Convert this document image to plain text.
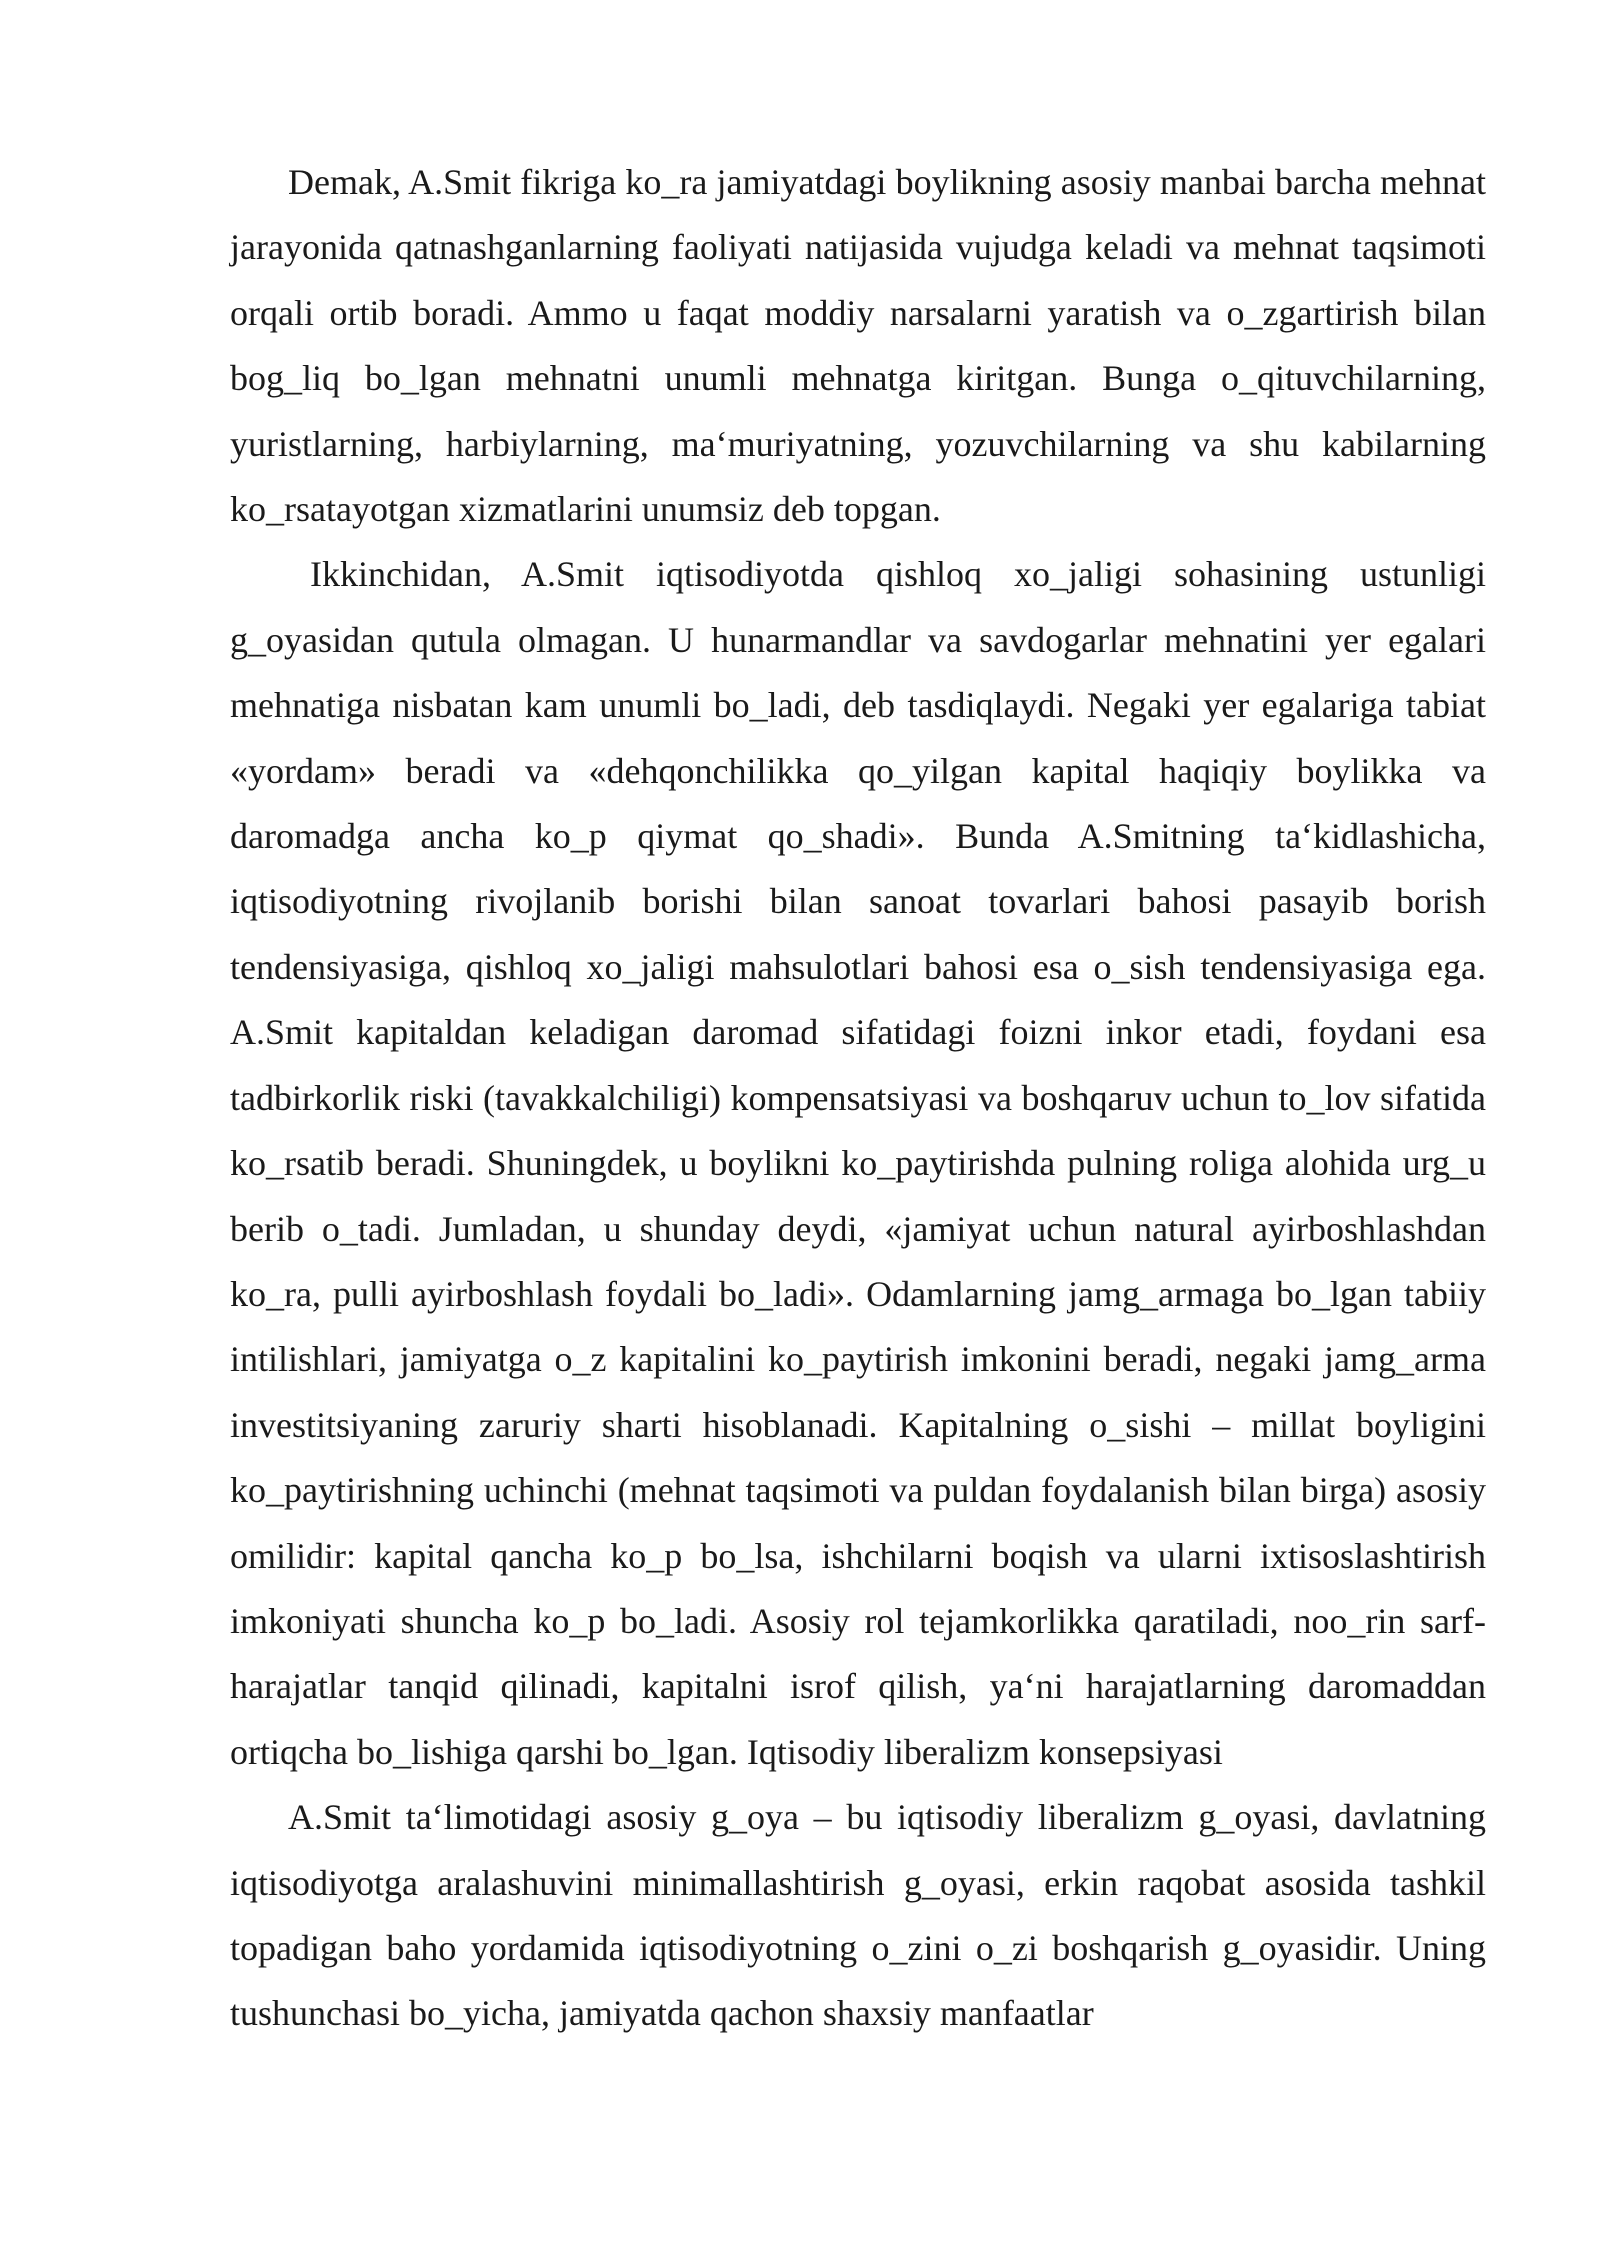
Demak, A.Smit fikriga ko_ra jamiyatdagi boylikning asosiy manbai barcha mehnat jarayonida qatnashganlarning faoliyati natijasida vujudga keladi va mehnat taqsimoti orqali ortib boradi. Ammo u faqat moddiy narsalarni yaratish va o_zgartirish bilan bog_liq bo_lgan mehnatni unumli mehnatga kiritgan. Bunga o_qituvchilarning, yuristlarning, harbiylarning, ma‘muriyatning, yozuvchilarning va shu kabilarning ko_rsatayotgan xizmatlarini unumsiz deb topgan.

Ikkinchidan, A.Smit iqtisodiyotda qishloq xo_jaligi sohasining ustunligi g_oyasidan qutula olmagan. U hunarmandlar va savdogarlar mehnatini yer egalari mehnatiga nisbatan kam unumli bo_ladi, deb tasdiqlaydi. Negaki yer egalariga tabiat «yordam» beradi va «dehqonchilikka qo_yilgan kapital haqiqiy boylikka va daromadga ancha ko_p qiymat qo_shadi». Bunda A.Smitning ta‘kidlashicha, iqtisodiyotning rivojlanib borishi bilan sanoat tovarlari bahosi pasayib borish tendensiyasiga, qishloq xo_jaligi mahsulotlari bahosi esa o_sish tendensiyasiga ega. A.Smit kapitaldan keladigan daromad sifatidagi foizni inkor etadi, foydani esa tadbirkorlik riski (tavakkalchiligi) kompensatsiyasi va boshqaruv uchun to_lov sifatida ko_rsatib beradi. Shuningdek, u boylikni ko_paytirishda pulning roliga alohida urg_u berib o_tadi. Jumladan, u shunday deydi, «jamiyat uchun natural ayirboshlashdan ko_ra, pulli ayirboshlash foydali bo_ladi». Odamlarning jamg_armaga bo_lgan tabiiy intilishlari, jamiyatga o_z kapitalini ko_paytirish imkonini beradi, negaki jamg_arma investitsiyaning zaruriy sharti hisoblanadi. Kapitalning o_sishi – millat boyligini ko_paytirishning uchinchi (mehnat taqsimoti va puldan foydalanish bilan birga) asosiy omilidir: kapital qancha ko_p bo_lsa, ishchilarni boqish va ularni ixtisoslashtirish imkoniyati shuncha ko_p bo_ladi. Asosiy rol tejamkorlikka qaratiladi, noo_rin sarf-harajatlar tanqid qilinadi, kapitalni isrof qilish, ya‘ni harajatlarning daromaddan ortiqcha bo_lishiga qarshi bo_lgan. Iqtisodiy liberalizm konsepsiyasi

A.Smit ta‘limotidagi asosiy g_oya – bu iqtisodiy liberalizm g_oyasi, davlatning iqtisodiyotga aralashuvini minimallashtirish g_oyasi, erkin raqobat asosida tashkil topadigan baho yordamida iqtisodiyotning o_zini o_zi boshqarish g_oyasidir. Uning tushunchasi bo_yicha, jamiyatda qachon shaxsiy manfaatlar
